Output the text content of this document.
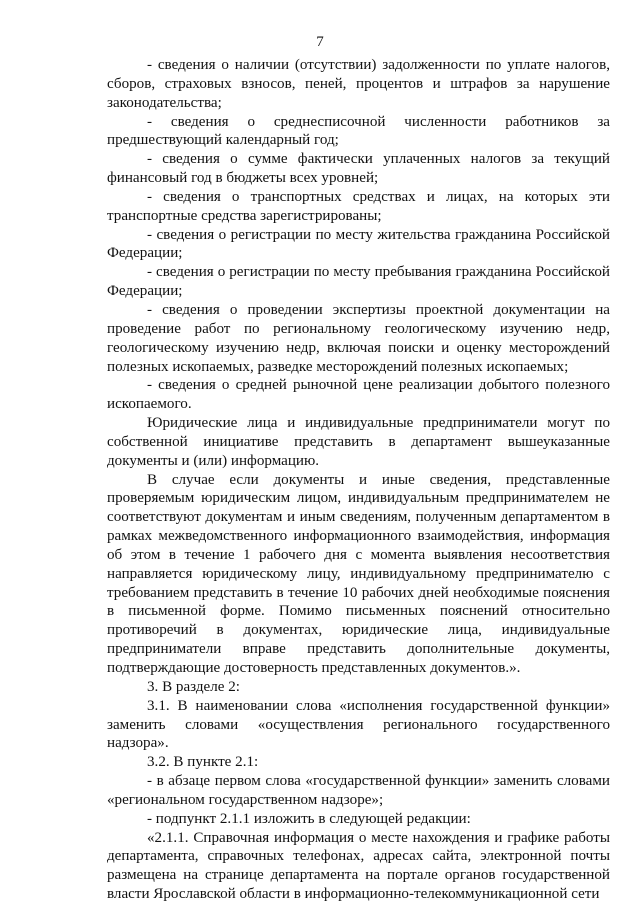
7

- сведения о наличии (отсутствии) задолженности по уплате налогов, сборов, страховых взносов, пеней, процентов и штрафов за нарушение законодательства;

- сведения о среднесписочной численности работников за предшествующий календарный год;

- сведения о сумме фактически уплаченных налогов за текущий финансовый год в бюджеты всех уровней;

- сведения о транспортных средствах и лицах, на которых эти транспортные средства зарегистрированы;

- сведения о регистрации по месту жительства гражданина Российской Федерации;

- сведения о регистрации по месту пребывания гражданина Российской Федерации;

- сведения о проведении экспертизы проектной документации на проведение работ по региональному геологическому изучению недр, геологическому изучению недр, включая поиски и оценку месторождений полезных ископаемых, разведке месторождений полезных ископаемых;

- сведения о средней рыночной цене реализации добытого полезного ископаемого.

Юридические лица и индивидуальные предприниматели могут по собственной инициативе представить в департамент вышеуказанные документы и (или) информацию.

В случае если документы и иные сведения, представленные проверяемым юридическим лицом, индивидуальным предпринимателем не соответствуют документам и иным сведениям, полученным департаментом в рамках межведомственного информационного взаимодействия, информация об этом в течение 1 рабочего дня с момента выявления несоответствия направляется юридическому лицу, индивидуальному предпринимателю с требованием представить в течение 10 рабочих дней необходимые пояснения в письменной форме. Помимо письменных пояснений относительно противоречий в документах, юридические лица, индивидуальные предприниматели вправе представить дополнительные документы, подтверждающие достоверность представленных документов.».

3. В разделе 2:

3.1. В наименовании слова «исполнения государственной функции» заменить словами «осуществления регионального государственного надзора».

3.2. В пункте 2.1:

- в абзаце первом слова «государственной функции» заменить словами «региональном государственном надзоре»;

- подпункт 2.1.1 изложить в следующей редакции:

«2.1.1. Справочная информация о месте нахождения и графике работы департамента, справочных телефонах, адресах сайта, электронной почты размещена на странице департамента на портале органов государственной власти Ярославской области в информационно-телекоммуникационной сети
